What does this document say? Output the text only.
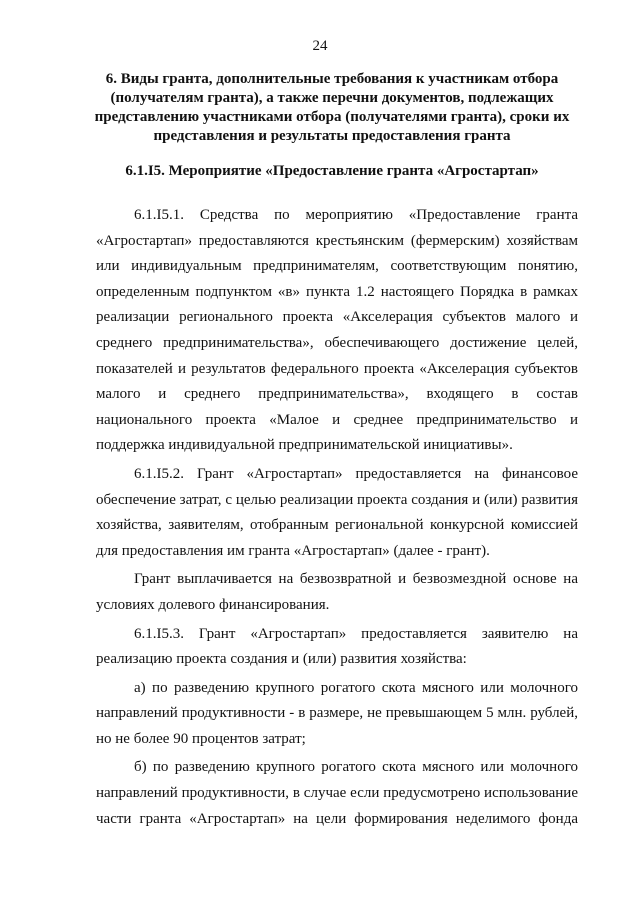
24
6. Виды гранта, дополнительные требования к участникам отбора (получателям гранта), а также перечни документов, подлежащих представлению участниками отбора (получателями гранта), сроки их представления и результаты предоставления гранта
6.1.I5. Мероприятие «Предоставление гранта «Агростартап»

6.1.I5.1. Средства по мероприятию «Предоставление гранта «Агростартап» предоставляются крестьянским (фермерским) хозяйствам или индивидуальным предпринимателям, соответствующим понятию, определенным подпунктом «в» пункта 1.2 настоящего Порядка в рамках реализации регионального проекта «Акселерация субъектов малого и среднего предпринимательства», обеспечивающего достижение целей, показателей и результатов федерального проекта «Акселерация субъектов малого и среднего предпринимательства», входящего в состав национального проекта «Малое и среднее предпринимательство и поддержка индивидуальной предпринимательской инициативы».

6.1.I5.2. Грант «Агростартап» предоставляется на финансовое обеспечение затрат, с целью реализации проекта создания и (или) развития хозяйства, заявителям, отобранным региональной конкурсной комиссией для предоставления им гранта «Агростартап» (далее - грант).

Грант выплачивается на безвозвратной и безвозмездной основе на условиях долевого финансирования.

6.1.I5.3. Грант «Агростартап» предоставляется заявителю на реализацию проекта создания и (или) развития хозяйства:

а) по разведению крупного рогатого скота мясного или молочного направлений продуктивности - в размере, не превышающем 5 млн. рублей, но не более 90 процентов затрат;

б) по разведению крупного рогатого скота мясного или молочного направлений продуктивности, в случае если предусмотрено использование части гранта «Агростартап» на цели формирования неделимого фонда
